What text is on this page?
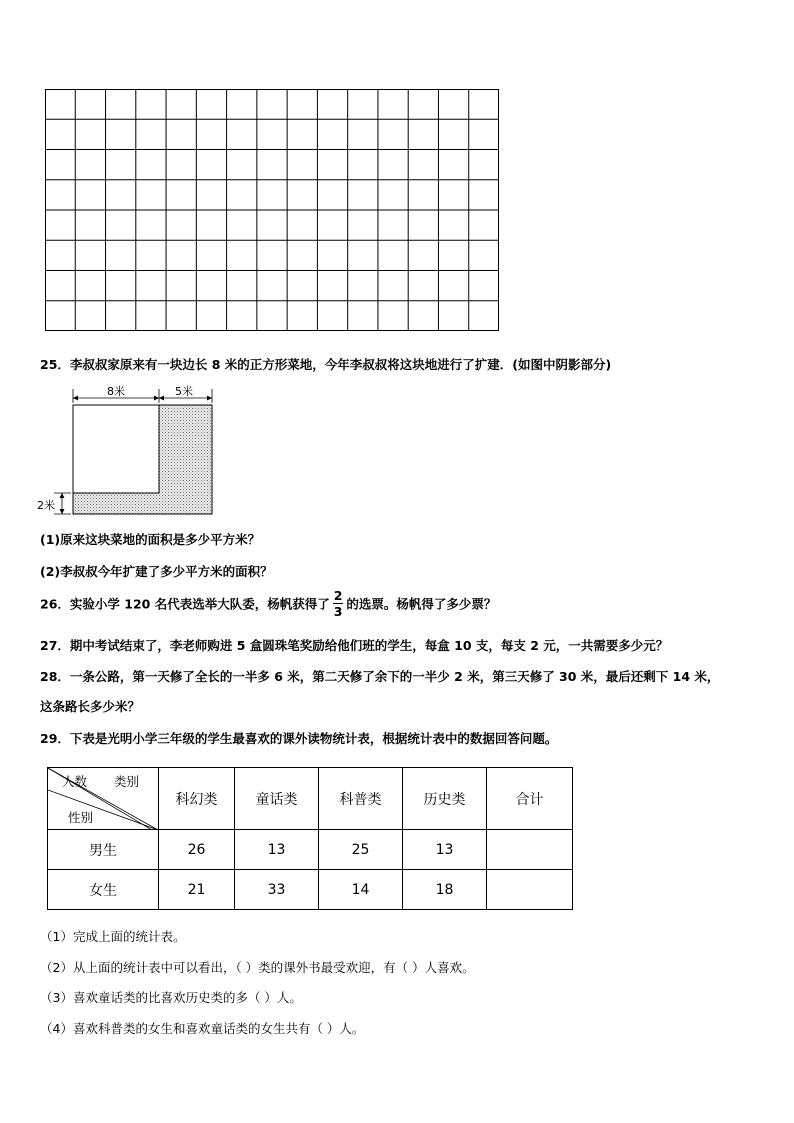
25．李叔叔家原来有一块边长 8 米的正方形菜地，今年李叔叔将这块地进行了扩建．(如图中阴影部分)
8米	5米
2米
(1)原来这块菜地的面积是多少平方米？
(2)李叔叔今年扩建了多少平方米的面积？
26．实验小学 120 名代表选举大队委，杨帆获得了 $\frac{2}{3}$ 的选票。杨帆得了多少票？
27．期中考试结束了，李老师购进 5 盒圆珠笔奖励给他们班的学生，每盒 10 支，每支 2 元，一共需要多少元？
28．一条公路，第一天修了全长的一半多 6 米，第二天修了余下的一半少 2 米，第三天修了 30 米，最后还剩下 14 米，
这条路长多少米？
29．下表是光明小学三年级的学生最喜欢的课外读物统计表，根据统计表中的数据回答问题。
人数 类别
性别	科幻类	童话类	科普类	历史类	合计
男生	26	13	25	13	
女生	21	33	14	18	
（1）完成上面的统计表。
（2）从上面的统计表中可以看出，（ ）类的课外书最受欢迎，有（ ）人喜欢。
（3）喜欢童话类的比喜欢历史类的多（ ）人。
（4）喜欢科普类的女生和喜欢童话类的女生共有（ ）人。
